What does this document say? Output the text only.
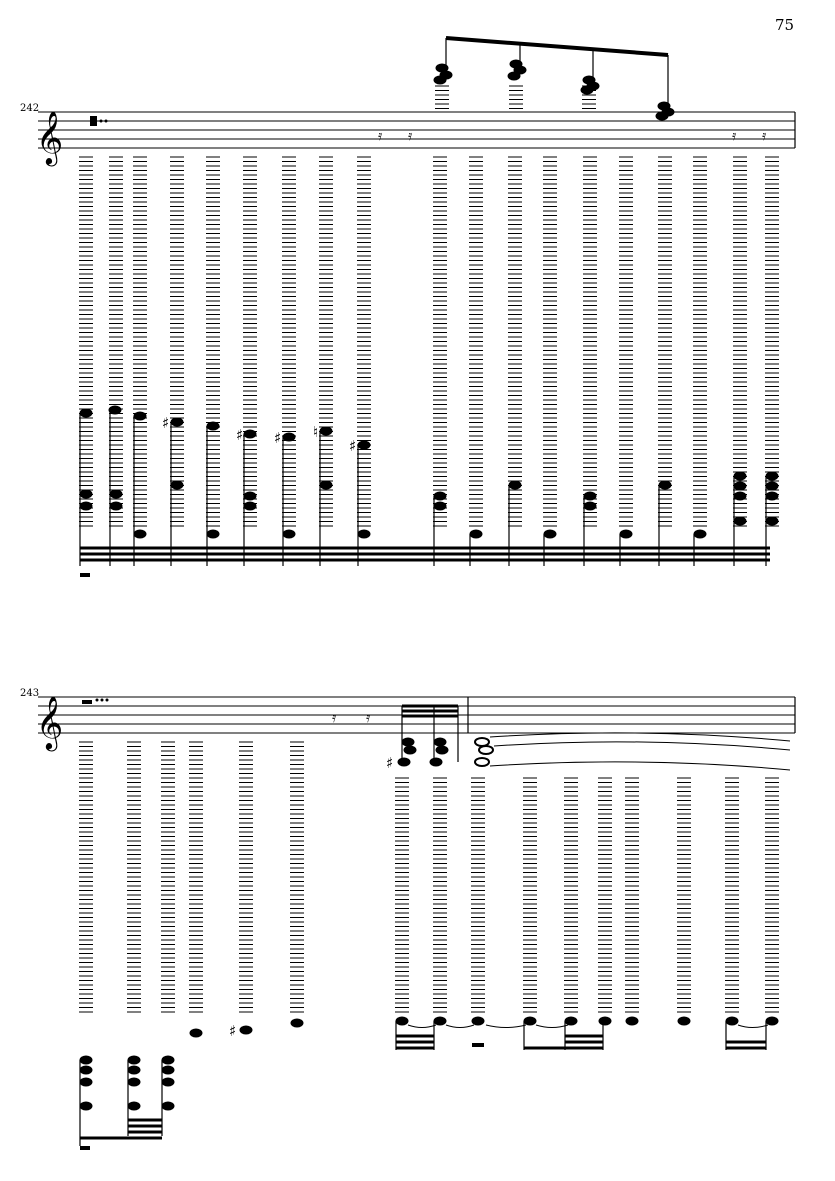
75
242
243
𝄞	𝄿 𝄿	𝄿 𝄿
♯
♯ ♯ ♮
♯
𝄞	𝄿 𝄿
♯
♯
